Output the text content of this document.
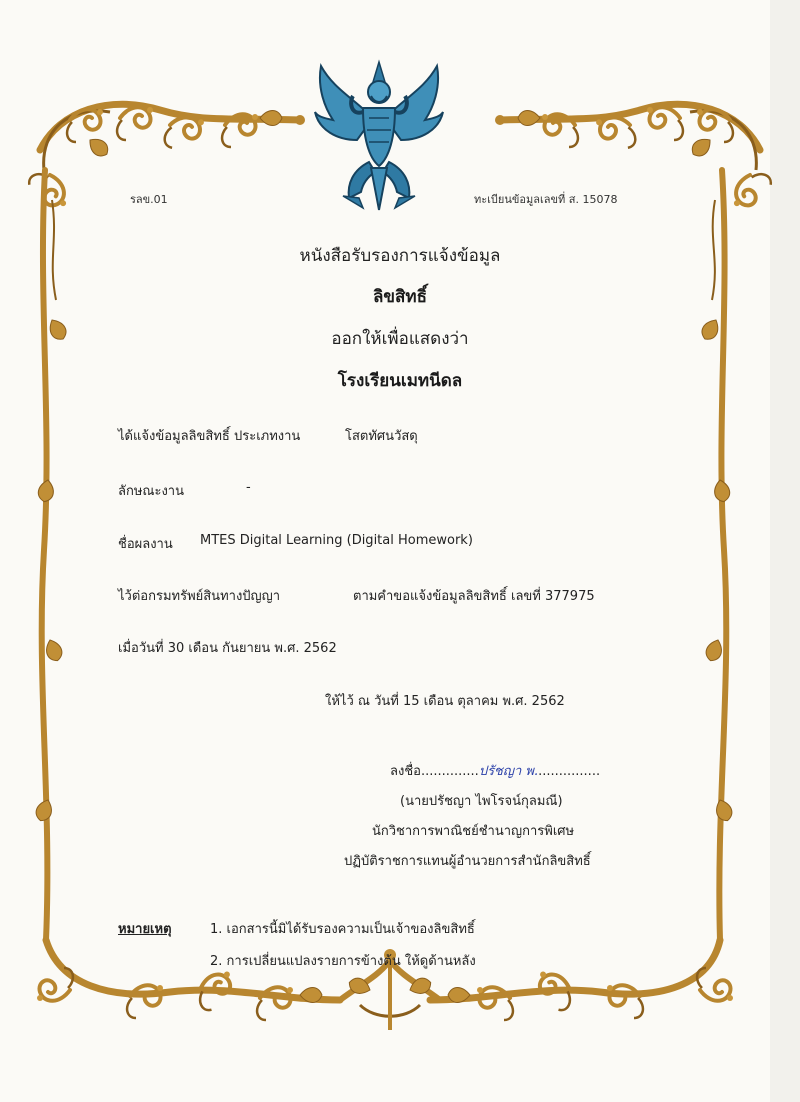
รลข.01	ทะเบียนข้อมูลเลขที่ ส. 15078
หนังสือรับรองการแจ้งข้อมูล
ลิขสิทธิ์
ออกให้เพื่อแสดงว่า
โรงเรียนเมทนีดล
ได้แจ้งข้อมูลลิขสิทธิ์ ประเภทงาน	โสตทัศนวัสดุ
ลักษณะงาน	-
ชื่อผลงาน MTES Digital Learning (Digital Homework)
ไว้ต่อกรมทรัพย์สินทางปัญญา	ตามคำขอแจ้งข้อมูลลิขสิทธิ์ เลขที่ 377975
เมื่อวันที่ 30 เดือน กันยายน พ.ศ. 2562
ให้ไว้ ณ วันที่ 15 เดือน ตุลาคม พ.ศ. 2562
ลงชื่อ..............ปรัชญา พ................
(นายปรัชญา ไพโรจน์กุลมณี)
นักวิชาการพาณิชย์ชำนาญการพิเศษ
ปฏิบัติราชการแทนผู้อำนวยการสำนักลิขสิทธิ์
หมายเหตุ	1. เอกสารนี้มิได้รับรองความเป็นเจ้าของลิขสิทธิ์
2. การเปลี่ยนแปลงรายการข้างต้น ให้ดูด้านหลัง
